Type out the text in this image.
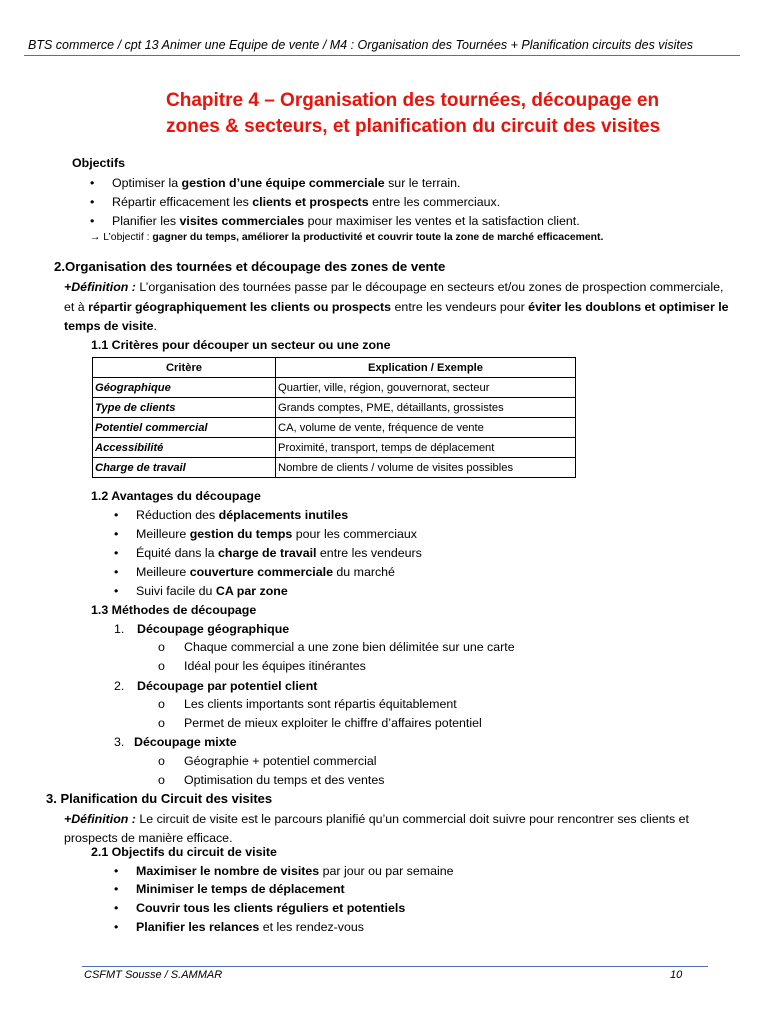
BTS commerce / cpt 13 Animer une Equipe de vente / M4 : Organisation des Tournées + Planification circuits des visites
Chapitre 4 – Organisation des tournées, découpage en
zones & secteurs, et planification du circuit des visites
Objectifs
• Optimiser la gestion d’une équipe commerciale sur le terrain.
• Répartir efficacement les clients et prospects entre les commerciaux.
• Planifier les visites commerciales pour maximiser les ventes et la satisfaction client.
→ L’objectif : gagner du temps, améliorer la productivité et couvrir toute la zone de marché efficacement.
2.Organisation des tournées et découpage des zones de vente
+Définition : L’organisation des tournées passe par le découpage en secteurs et/ou zones de prospection commerciale,
et à répartir géographiquement les clients ou prospects entre les vendeurs pour éviter les doublons et optimiser le
temps de visite.
1.1 Critères pour découper un secteur ou une zone
Critère	Explication / Exemple
Géographique	Quartier, ville, région, gouvernorat, secteur
Type de clients	Grands comptes, PME, détaillants, grossistes
Potentiel commercial	CA, volume de vente, fréquence de vente
Accessibilité	Proximité, transport, temps de déplacement
Charge de travail	Nombre de clients / volume de visites possibles
1.2 Avantages du découpage
• Réduction des déplacements inutiles
• Meilleure gestion du temps pour les commerciaux
• Équité dans la charge de travail entre les vendeurs
• Meilleure couverture commerciale du marché
• Suivi facile du CA par zone
1.3 Méthodes de découpage
1. Découpage géographique
o Chaque commercial a une zone bien délimitée sur une carte
o Idéal pour les équipes itinérantes
2. Découpage par potentiel client
o Les clients importants sont répartis équitablement
o Permet de mieux exploiter le chiffre d’affaires potentiel
3. Découpage mixte
o Géographie + potentiel commercial
o Optimisation du temps et des ventes
3. Planification du Circuit des visites
+Définition : Le circuit de visite est le parcours planifié qu’un commercial doit suivre pour rencontrer ses clients et
prospects de manière efficace.
2.1 Objectifs du circuit de visite
• Maximiser le nombre de visites par jour ou par semaine
• Minimiser le temps de déplacement
• Couvrir tous les clients réguliers et potentiels
• Planifier les relances et les rendez-vous
CSFMT Sousse / S.AMMAR	10
